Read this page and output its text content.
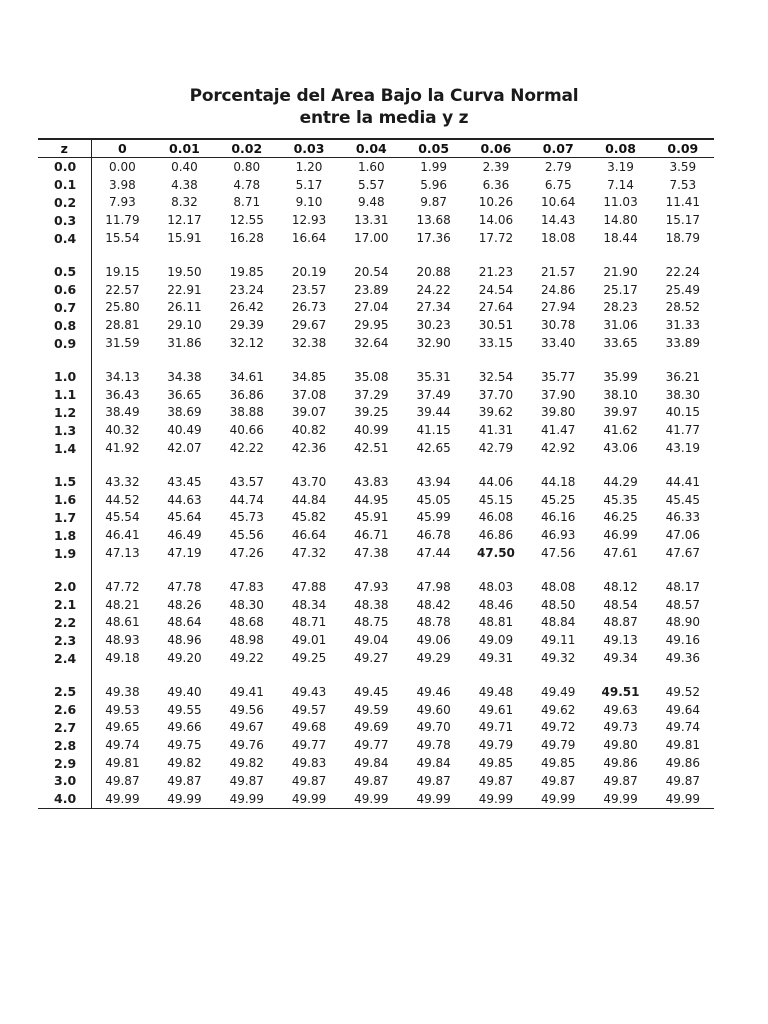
Porcentaje del Area Bajo la Curva Normal
entre la media y z
z	0	0.01	0.02	0.03	0.04	0.05	0.06	0.07	0.08	0.09
0.0	0.00	0.40	0.80	1.20	1.60	1.99	2.39	2.79	3.19	3.59
0.1	3.98	4.38	4.78	5.17	5.57	5.96	6.36	6.75	7.14	7.53
0.2	7.93	8.32	8.71	9.10	9.48	9.87	10.26	10.64	11.03	11.41
0.3	11.79	12.17	12.55	12.93	13.31	13.68	14.06	14.43	14.80	15.17
0.4	15.54	15.91	16.28	16.64	17.00	17.36	17.72	18.08	18.44	18.79

0.5	19.15	19.50	19.85	20.19	20.54	20.88	21.23	21.57	21.90	22.24
0.6	22.57	22.91	23.24	23.57	23.89	24.22	24.54	24.86	25.17	25.49
0.7	25.80	26.11	26.42	26.73	27.04	27.34	27.64	27.94	28.23	28.52
0.8	28.81	29.10	29.39	29.67	29.95	30.23	30.51	30.78	31.06	31.33
0.9	31.59	31.86	32.12	32.38	32.64	32.90	33.15	33.40	33.65	33.89

1.0	34.13	34.38	34.61	34.85	35.08	35.31	32.54	35.77	35.99	36.21
1.1	36.43	36.65	36.86	37.08	37.29	37.49	37.70	37.90	38.10	38.30
1.2	38.49	38.69	38.88	39.07	39.25	39.44	39.62	39.80	39.97	40.15
1.3	40.32	40.49	40.66	40.82	40.99	41.15	41.31	41.47	41.62	41.77
1.4	41.92	42.07	42.22	42.36	42.51	42.65	42.79	42.92	43.06	43.19

1.5	43.32	43.45	43.57	43.70	43.83	43.94	44.06	44.18	44.29	44.41
1.6	44.52	44.63	44.74	44.84	44.95	45.05	45.15	45.25	45.35	45.45
1.7	45.54	45.64	45.73	45.82	45.91	45.99	46.08	46.16	46.25	46.33
1.8	46.41	46.49	45.56	46.64	46.71	46.78	46.86	46.93	46.99	47.06
1.9	47.13	47.19	47.26	47.32	47.38	47.44	47.50	47.56	47.61	47.67

2.0	47.72	47.78	47.83	47.88	47.93	47.98	48.03	48.08	48.12	48.17
2.1	48.21	48.26	48.30	48.34	48.38	48.42	48.46	48.50	48.54	48.57
2.2	48.61	48.64	48.68	48.71	48.75	48.78	48.81	48.84	48.87	48.90
2.3	48.93	48.96	48.98	49.01	49.04	49.06	49.09	49.11	49.13	49.16
2.4	49.18	49.20	49.22	49.25	49.27	49.29	49.31	49.32	49.34	49.36

2.5	49.38	49.40	49.41	49.43	49.45	49.46	49.48	49.49	49.51	49.52
2.6	49.53	49.55	49.56	49.57	49.59	49.60	49.61	49.62	49.63	49.64
2.7	49.65	49.66	49.67	49.68	49.69	49.70	49.71	49.72	49.73	49.74
2.8	49.74	49.75	49.76	49.77	49.77	49.78	49.79	49.79	49.80	49.81
2.9	49.81	49.82	49.82	49.83	49.84	49.84	49.85	49.85	49.86	49.86
3.0	49.87	49.87	49.87	49.87	49.87	49.87	49.87	49.87	49.87	49.87
4.0	49.99	49.99	49.99	49.99	49.99	49.99	49.99	49.99	49.99	49.99
